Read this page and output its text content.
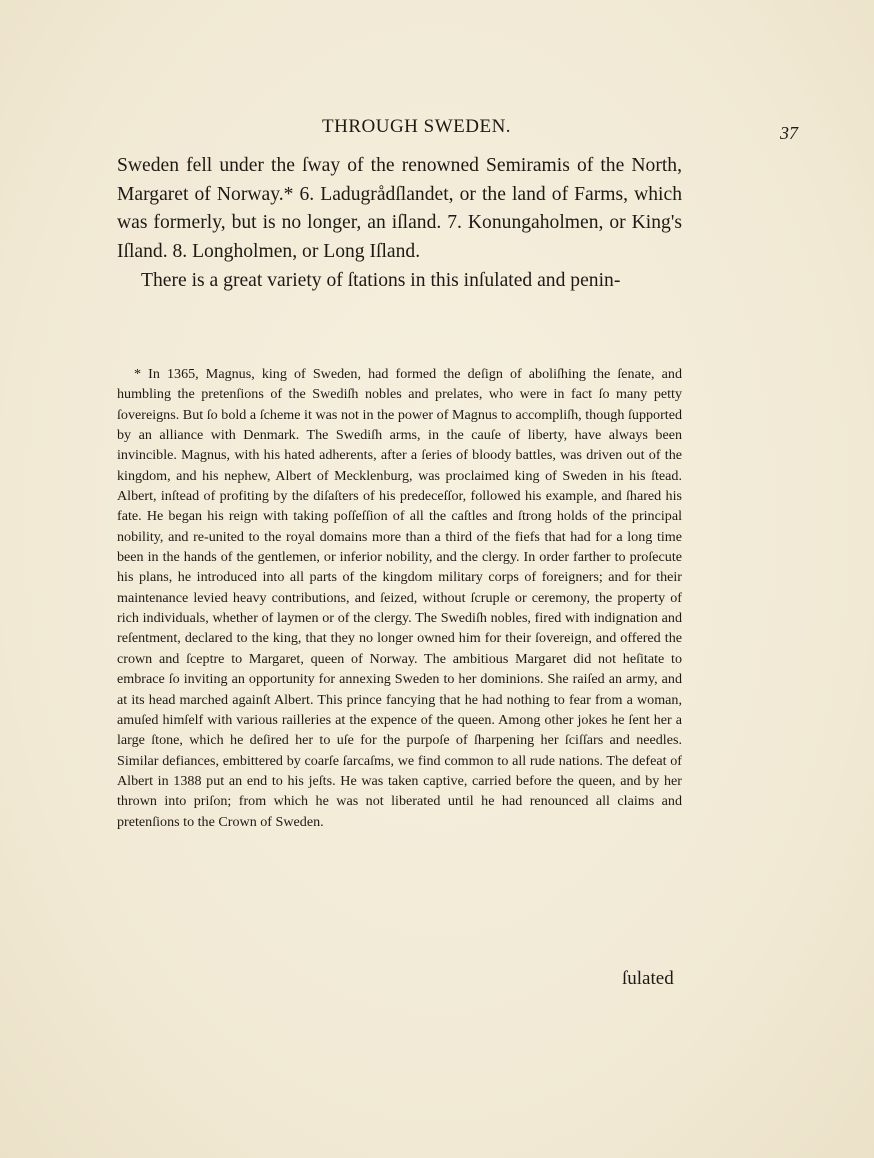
THROUGH SWEDEN.	37

Sweden fell under the ſway of the renowned Semiramis of the North, Margaret of Norway.* 6. Ladugrådſlandet, or the land of Farms, which was formerly, but is no longer, an iſland. 7. Konungaholmen, or King's Iſland. 8. Longholmen, or Long Iſland.

There is a great variety of ſtations in this inſulated and penin-

* In 1365, Magnus, king of Sweden, had formed the deſign of aboliſhing the ſenate, and humbling the pretenſions of the Swediſh nobles and prelates, who were in fact ſo many petty ſovereigns. But ſo bold a ſcheme it was not in the power of Magnus to accompliſh, though ſupported by an alliance with Denmark. The Swediſh arms, in the cauſe of liberty, have always been invincible. Magnus, with his hated adherents, after a ſeries of bloody battles, was driven out of the kingdom, and his nephew, Albert of Mecklenburg, was proclaimed king of Sweden in his ſtead. Albert, inſtead of profiting by the diſaſters of his predeceſſor, followed his example, and ſhared his fate. He began his reign with taking poſſeſſion of all the caſtles and ſtrong holds of the principal nobility, and re-united to the royal domains more than a third of the fiefs that had for a long time been in the hands of the gentlemen, or inferior nobility, and the clergy. In order farther to proſecute his plans, he introduced into all parts of the kingdom military corps of foreigners; and for their maintenance levied heavy contributions, and ſeized, without ſcruple or ceremony, the property of rich individuals, whether of laymen or of the clergy. The Swediſh nobles, fired with indignation and reſentment, declared to the king, that they no longer owned him for their ſovereign, and offered the crown and ſceptre to Margaret, queen of Norway. The ambitious Margaret did not heſitate to embrace ſo inviting an opportunity for annexing Sweden to her dominions. She raiſed an army, and at its head marched againſt Albert. This prince fancying that he had nothing to fear from a woman, amuſed himſelf with various railleries at the expence of the queen. Among other jokes he ſent her a large ſtone, which he deſired her to uſe for the purpoſe of ſharpening her ſciſſars and needles. Similar defiances, embittered by coarſe ſarcaſms, we find common to all rude nations. The defeat of Albert in 1388 put an end to his jeſts. He was taken captive, carried before the queen, and by her thrown into priſon; from which he was not liberated until he had renounced all claims and pretenſions to the Crown of Sweden.

ſulated
